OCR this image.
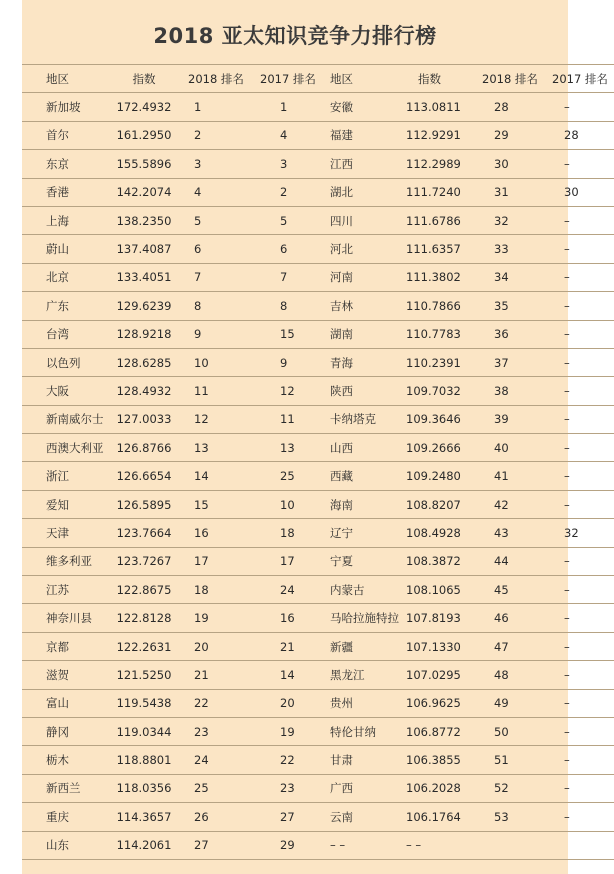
2018 亚太知识竞争力排行榜
地区	指数	2018 排名	2017 排名	地区	指数	2018 排名	2017 排名
新加坡	172.4932	1	1	安徽	113.0811	28	–
首尔	161.2950	2	4	福建	112.9291	29	28
东京	155.5896	3	3	江西	112.2989	30	–
香港	142.2074	4	2	湖北	111.7240	31	30
上海	138.2350	5	5	四川	111.6786	32	–
蔚山	137.4087	6	6	河北	111.6357	33	–
北京	133.4051	7	7	河南	111.3802	34	–
广东	129.6239	8	8	吉林	110.7866	35	–
台湾	128.9218	9	15	湖南	110.7783	36	–
以色列	128.6285	10	9	青海	110.2391	37	–
大阪	128.4932	11	12	陕西	109.7032	38	–
新南威尔士	127.0033	12	11	卡纳塔克	109.3646	39	–
西澳大利亚	126.8766	13	13	山西	109.2666	40	–
浙江	126.6654	14	25	西藏	109.2480	41	–
爱知	126.5895	15	10	海南	108.8207	42	–
天津	123.7664	16	18	辽宁	108.4928	43	32
维多利亚	123.7267	17	17	宁夏	108.3872	44	–
江苏	122.8675	18	24	内蒙古	108.1065	45	–
神奈川县	122.8128	19	16	马哈拉施特拉	107.8193	46	–
京都	122.2631	20	21	新疆	107.1330	47	–
滋贺	121.5250	21	14	黑龙江	107.0295	48	–
富山	119.5438	22	20	贵州	106.9625	49	–
静冈	119.0344	23	19	特伦甘纳	106.8772	50	–
栃木	118.8801	24	22	甘肃	106.3855	51	–
新西兰	118.0356	25	23	广西	106.2028	52	–
重庆	114.3657	26	27	云南	106.1764	53	–
山东	114.2061	27	29	– –	– –		
